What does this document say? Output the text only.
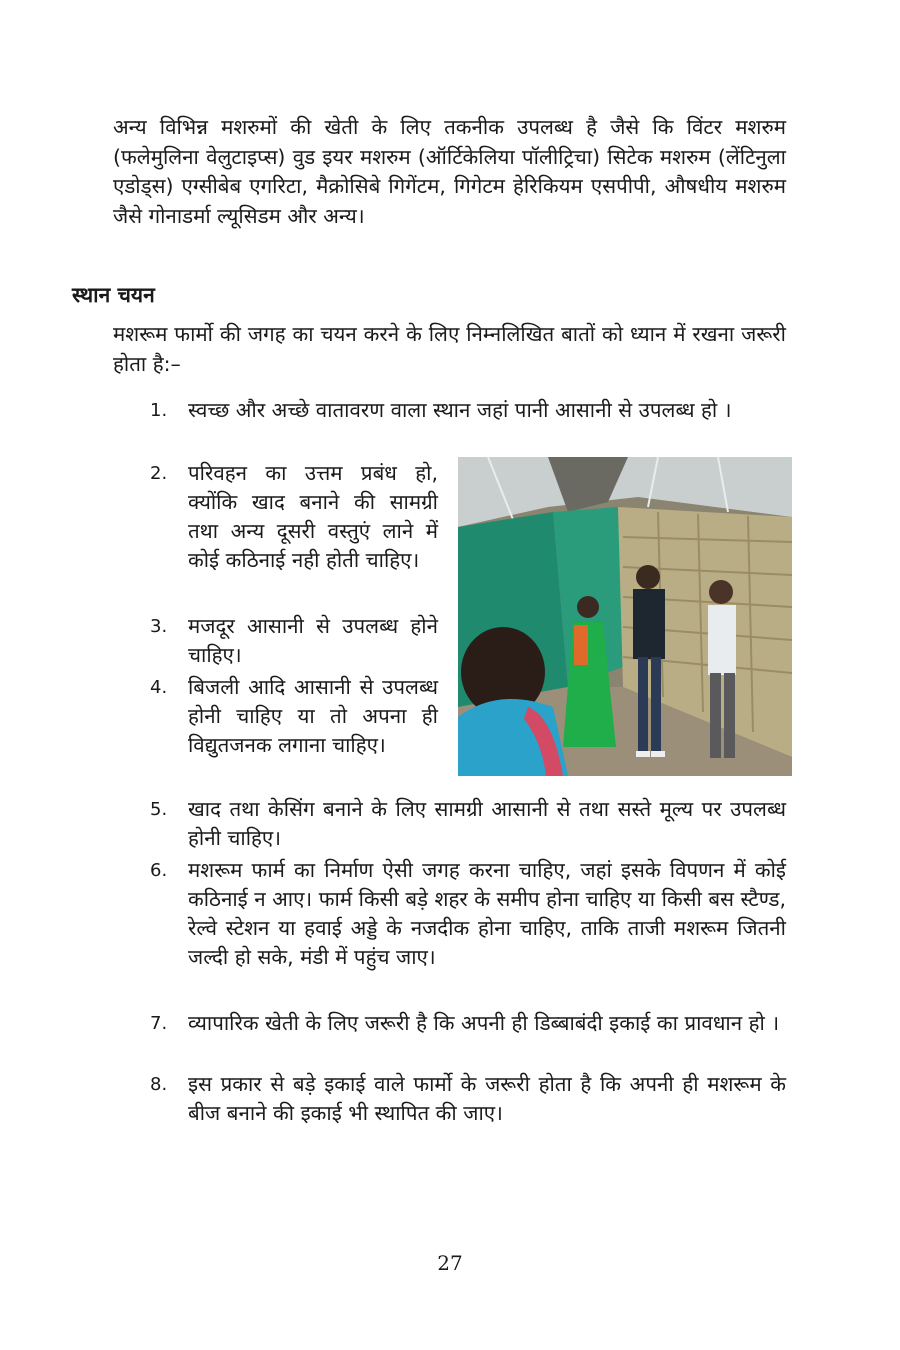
अन्य विभिन्न मशरुमों की खेती के लिए तकनीक उपलब्ध है जैसे कि विंटर मशरुम (फलेमुलिना वेलुटाइप्स) वुड इयर मशरुम (ऑर्टिकेलिया पॉलीट्रिचा) सिटेक मशरुम (लेंटिनुला एडोड्स) एग्सीबेब एगरिटा, मैक्रोसिबे गिगेंटम, गिगेटम हेरिकियम एसपीपी, औषधीय मशरुम जैसे गोनाडर्मा ल्यूसिडम और अन्य।

स्थान चयन

मशरूम फार्मो की जगह का चयन करने के लिए निम्नलिखित बातों को ध्यान में रखना जरूरी होता है:–

1.	स्वच्छ और अच्छे वातावरण वाला स्थान जहां पानी आसानी से उपलब्ध हो ।
2.	परिवहन का उत्तम प्रबंध हो, क्योंकि खाद बनाने की सामग्री तथा अन्य दूसरी वस्तुएं लाने में कोई कठिनाई नही होती चाहिए।
3.	मजदूर आसानी से उपलब्ध होने चाहिए।
4.	बिजली आदि आसानी से उपलब्ध होनी चाहिए या तो अपना ही विद्युतजनक लगाना चाहिए।
5.	खाद तथा केसिंग बनाने के लिए सामग्री आसानी से तथा सस्ते मूल्य पर उपलब्ध होनी चाहिए।
6.	मशरूम फार्म का निर्माण ऐसी जगह करना चाहिए, जहां इसके विपणन में कोई कठिनाई न आए। फार्म किसी बड़े शहर के समीप होना चाहिए या किसी बस स्टैण्ड, रेल्वे स्टेशन या हवाई अड्डे के नजदीक होना चाहिए, ताकि ताजी मशरूम जितनी जल्दी हो सके, मंडी में पहुंच जाए।
7.	व्यापारिक खेती के लिए जरूरी है कि अपनी ही डिब्बाबंदी इकाई का प्रावधान हो ।
8.	इस प्रकार से बड़े इकाई वाले फार्मो के जरूरी होता है कि अपनी ही मशरूम के बीज बनाने की इकाई भी स्थापित की जाए।
27
